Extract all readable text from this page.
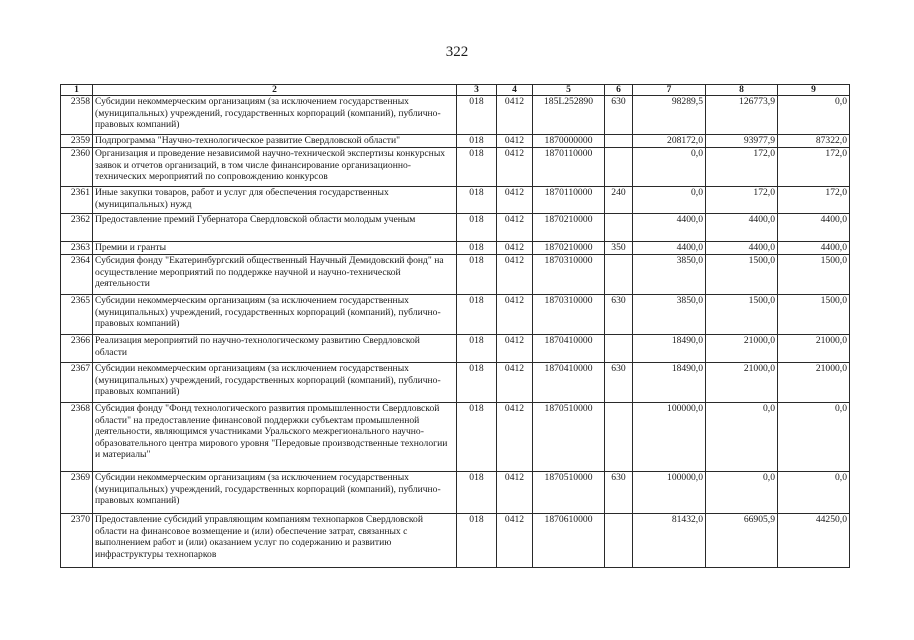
322
1	2	3	4	5	6	7	8	9
2358	Субсидии некоммерческим организациям (за исключением государственных (муниципальных) учреждений, государственных корпораций (компаний), публично-правовых компаний)	018	0412	185L252890	630	98289,5	126773,9	0,0
2359	Подпрограмма "Научно-технологическое развитие Свердловской области"	018	0412	1870000000		208172,0	93977,9	87322,0
2360	Организация и проведение независимой научно-технической экспертизы конкурсных заявок и отчетов организаций, в том числе финансирование организационно-технических мероприятий по сопровождению конкурсов	018	0412	1870110000		0,0	172,0	172,0
2361	Иные закупки товаров, работ и услуг для обеспечения государственных (муниципальных) нужд	018	0412	1870110000	240	0,0	172,0	172,0
2362	Предоставление премий Губернатора Свердловской области молодым ученым	018	0412	1870210000		4400,0	4400,0	4400,0
2363	Премии и гранты	018	0412	1870210000	350	4400,0	4400,0	4400,0
2364	Субсидия фонду "Екатеринбургский общественный Научный Демидовский фонд" на осуществление мероприятий по поддержке научной и научно-технической деятельности	018	0412	1870310000		3850,0	1500,0	1500,0
2365	Субсидии некоммерческим организациям (за исключением государственных (муниципальных) учреждений, государственных корпораций (компаний), публично-правовых компаний)	018	0412	1870310000	630	3850,0	1500,0	1500,0
2366	Реализация мероприятий по научно-технологическому развитию Свердловской области	018	0412	1870410000		18490,0	21000,0	21000,0
2367	Субсидии некоммерческим организациям (за исключением государственных (муниципальных) учреждений, государственных корпораций (компаний), публично-правовых компаний)	018	0412	1870410000	630	18490,0	21000,0	21000,0
2368	Субсидия фонду "Фонд технологического развития промышленности Свердловской области" на предоставление финансовой поддержки субъектам промышленной деятельности, являющимся участниками Уральского межрегионального научно-образовательного центра мирового уровня "Передовые производственные технологии и материалы"	018	0412	1870510000		100000,0	0,0	0,0
2369	Субсидии некоммерческим организациям (за исключением государственных (муниципальных) учреждений, государственных корпораций (компаний), публично-правовых компаний)	018	0412	1870510000	630	100000,0	0,0	0,0
2370	Предоставление субсидий управляющим компаниям технопарков Свердловской области на финансовое возмещение и (или) обеспечение затрат, связанных с выполнением работ и (или) оказанием услуг по содержанию и развитию инфраструктуры технопарков	018	0412	1870610000		81432,0	66905,9	44250,0
